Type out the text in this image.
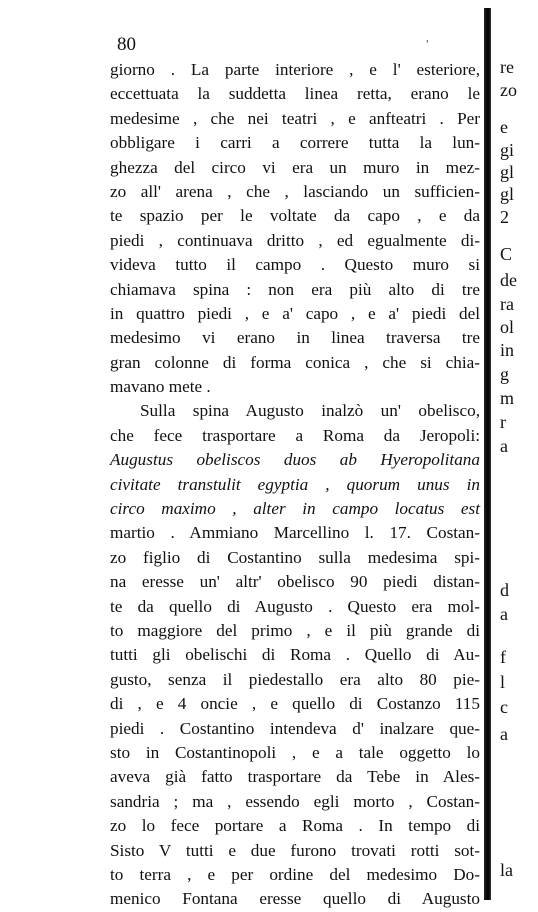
80	'
giorno . La parte interiore , e l' esteriore,
eccettuata la suddetta linea retta, erano le
medesime , che nei teatri , e anfteatri . Per
obbligare i carri a correre tutta la lun-
ghezza del circo vi era un muro in mez-
zo all' arena , che , lasciando un sufficien-
te spazio per le voltate da capo , e da
piedi , continuava dritto , ed egualmente di-
videva tutto il campo . Questo muro si
chiamava spina : non era più alto di tre
in quattro piedi , e a' capo , e a' piedi del
medesimo vi erano in linea traversa tre
gran colonne di forma conica , che si chia-
mavano mete .
Sulla spina Augusto inalzò un' obelisco,
che fece trasportare a Roma da Jeropoli:
Augustus obeliscos duos ab Hyeropolitana
civitate transtulit egyptia , quorum unus in
circo maximo , alter in campo locatus est
martio . Ammiano Marcellino l. 17. Costan-
zo figlio di Costantino sulla medesima spi-
na eresse un' altr' obelisco 90 piedi distan-
te da quello di Augusto . Questo era mol-
to maggiore del primo , e il più grande di
tutti gli obelischi di Roma . Quello di Au-
gusto, senza il piedestallo era alto 80 pie-
di , e 4 oncie , e quello di Costanzo 115
piedi . Costantino intendeva d' inalzare que-
sto in Costantinopoli , e a tale oggetto lo
aveva già fatto trasportare da Tebe in Ales-
sandria ; ma , essendo egli morto , Costan-
zo lo fece portare a Roma . In tempo di
Sisto V tutti e due furono trovati rotti sot-
to terra , e per ordine del medesimo Do-
menico Fontana eresse quello di Augusto
re
zo
e
gi
gl
gl
2
C
de
ra
ol
in
g
m
r
a
d
a
f
l
c
a
la
